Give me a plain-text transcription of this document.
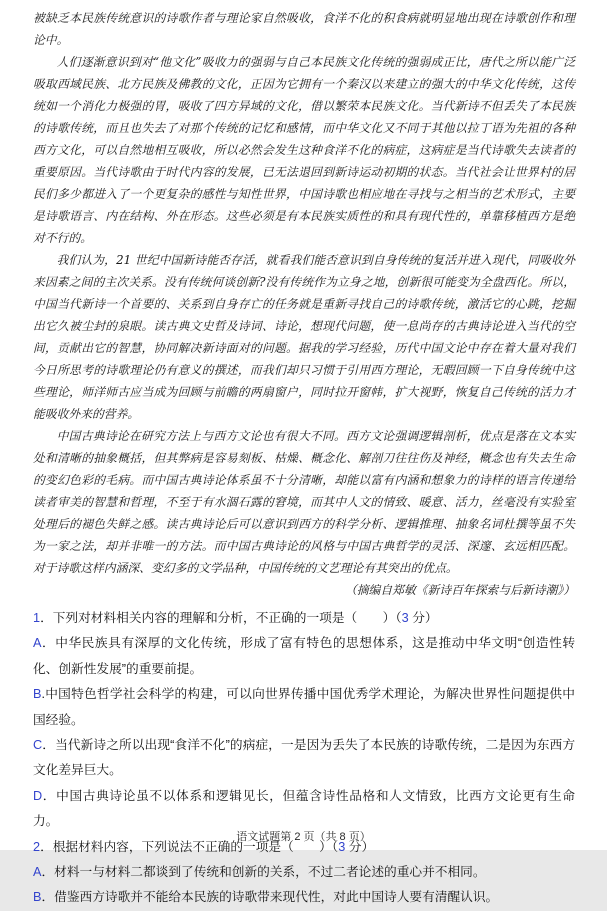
被缺乏本民族传统意识的诗歌作者与理论家自然吸收，食洋不化的积食病就明显地出现在诗歌创作和理论中。

人们逐渐意识到对“他文化”吸收力的强弱与自己本民族文化传统的强弱成正比，唐代之所以能广泛吸取西域民族、北方民族及佛教的文化，正因为它拥有一个秦汉以来建立的强大的中华文化传统，这传统如一个消化力极强的胃，吸收了四方异域的文化，借以繁荣本民族文化。当代新诗不但丢失了本民族的诗歌传统，而且也失去了对那个传统的记忆和感情，而中华文化又不同于其他以拉丁语为先祖的各种西方文化，可以自然地相互吸收，所以必然会发生这种食洋不化的病症，这病症是当代诗歌失去读者的重要原因。当代诗歌由于时代内容的发展，已无法退回到新诗运动初期的状态。当代社会让世界村的居民们多少都进入了一个更复杂的感性与知性世界，中国诗歌也相应地在寻找与之相当的艺术形式，主要是诗歌语言、内在结构、外在形态。这些必须是有本民族实质性的和具有现代性的，单靠移植西方是绝对不行的。

我们认为，21 世纪中国新诗能否存活，就看我们能否意识到自身传统的复活并进入现代，同吸收外来因素之间的主次关系。没有传统何谈创新?没有传统作为立身之地，创新很可能变为全盘西化。所以，中国当代新诗一个首要的、关系到自身存亡的任务就是重新寻找自己的诗歌传统，激活它的心跳，挖掘出它久被尘封的泉眼。读古典文史哲及诗词、诗论，想现代问题，使一息尚存的古典诗论进入当代的空间，贡献出它的智慧，协同解决新诗面对的问题。据我的学习经验，历代中国文论中存在着大量对我们今日所思考的诗歌理论仍有意义的撰述，而我们却只习惯于引用西方理论，无暇回顾一下自身传统中这些理论，师洋师古应当成为回顾与前瞻的两扇窗户，同时拉开窗帏，扩大视野，恢复自己传统的活力才能吸收外来的营养。

中国古典诗论在研究方法上与西方文论也有很大不同。西方文论强调逻辑剖析，优点是落在文本实处和清晰的抽象概括，但其弊病是容易刻板、枯燥、概念化、解剖刀往往伤及神经，概念也有失去生命的变幻色彩的毛病。而中国古典诗论体系虽不十分清晰，却能以富有内涵和想象力的诗样的语言传递给读者审美的智慧和哲理，不至于有水涸石露的窘境，而其中人文的情致、暖意、活力，丝毫没有实验室处理后的褪色失鲜之感。读古典诗论后可以意识到西方的科学分析、逻辑推理、抽象名词杜撰等虽不失为一家之法，却并非唯一的方法。而中国古典诗论的风格与中国古典哲学的灵活、深邃、玄远相匹配。对于诗歌这样内涵深、变幻多的文学品种，中国传统的文艺理论有其突出的优点。

（摘编自郑敏《新诗百年探索与后新诗潮》）

1．下列对材料相关内容的理解和分析，不正确的一项是（　　）（3 分）

A．中华民族具有深厚的文化传统，形成了富有特色的思想体系，这是推动中华文明“创造性转化、创新性发展”的重要前提。

B.中国特色哲学社会科学的构建，可以向世界传播中国优秀学术理论，为解决世界性问题提供中国经验。

C．当代新诗之所以出现“食洋不化”的病症，一是因为丢失了本民族的诗歌传统，二是因为东西方文化差异巨大。

D．中国古典诗论虽不以体系和逻辑见长，但蕴含诗性品格和人文情致，比西方文论更有生命力。

2．根据材料内容，下列说法不正确的一项是（　　）（3 分）

A．材料一与材料二都谈到了传统和创新的关系，不过二者论述的重心并不相同。

B．借鉴西方诗歌并不能给本民族的诗歌带来现代性，对此中国诗人要有清醒认识。

语文试题第 2 页（共 8 页）
